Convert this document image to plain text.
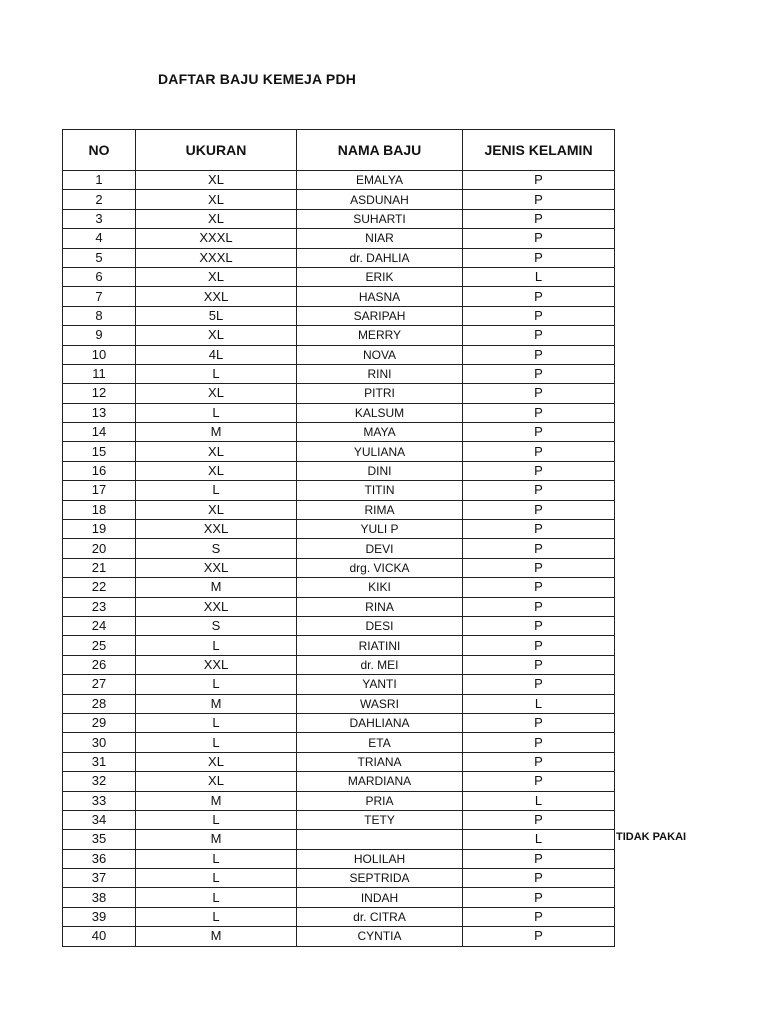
DAFTAR BAJU KEMEJA PDH
NO	UKURAN	NAMA BAJU	JENIS KELAMIN
1	XL	EMALYA	P
2	XL	ASDUNAH	P
3	XL	SUHARTI	P
4	XXXL	NIAR	P
5	XXXL	dr. DAHLIA	P
6	XL	ERIK	L
7	XXL	HASNA	P
8	5L	SARIPAH	P
9	XL	MERRY	P
10	4L	NOVA	P
11	L	RINI	P
12	XL	PITRI	P
13	L	KALSUM	P
14	M	MAYA	P
15	XL	YULIANA	P
16	XL	DINI	P
17	L	TITIN	P
18	XL	RIMA	P
19	XXL	YULI P	P
20	S	DEVI	P
21	XXL	drg. VICKA	P
22	M	KIKI	P
23	XXL	RINA	P
24	S	DESI	P
25	L	RIATINI	P
26	XXL	dr. MEI	P
27	L	YANTI	P
28	M	WASRI	L
29	L	DAHLIANA	P
30	L	ETA	P
31	XL	TRIANA	P
32	XL	MARDIANA	P
33	M	PRIA	L
34	L	TETY	P
35	M		L
36	L	HOLILAH	P
37	L	SEPTRIDA	P
38	L	INDAH	P
39	L	dr. CITRA	P
40	M	CYNTIA	P
TIDAK PAKAI
